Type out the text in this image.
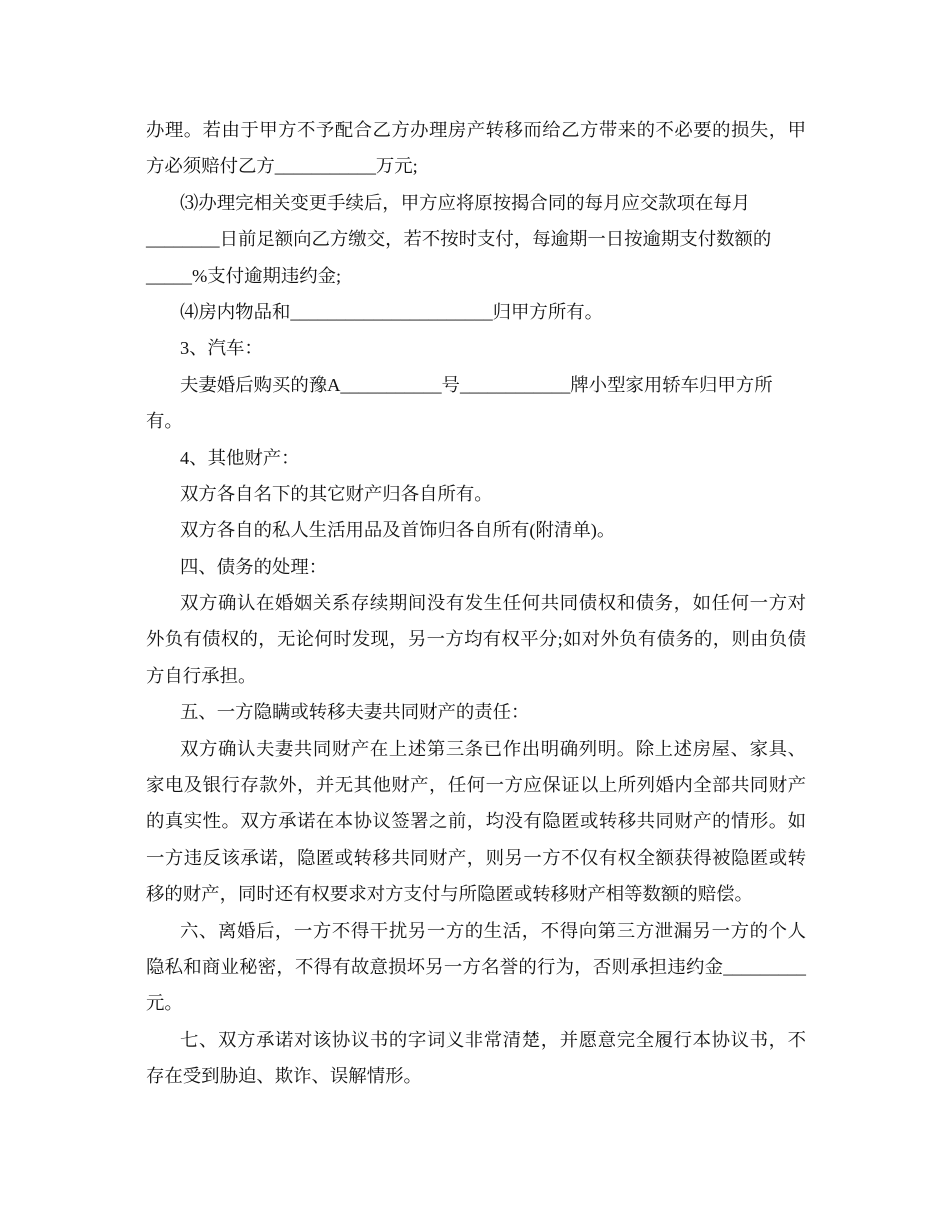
办理。若由于甲方不予配合乙方办理房产转移而给乙方带来的不必要的损失，甲
方必须赔付乙方___________万元;
⑶办理完相关变更手续后，甲方应将原按揭合同的每月应交款项在每月
________日前足额向乙方缴交，若不按时支付，每逾期一日按逾期支付数额的
_____%支付逾期违约金;
⑷房内物品和______________________归甲方所有。
3、汽车：
夫妻婚后购买的豫A___________号____________牌小型家用轿车归甲方所
有。
4、其他财产：
双方各自名下的其它财产归各自所有。
双方各自的私人生活用品及首饰归各自所有(附清单)。
四、债务的处理：
双方确认在婚姻关系存续期间没有发生任何共同债权和债务，如任何一方对
外负有债权的，无论何时发现，另一方均有权平分;如对外负有债务的，则由负债
方自行承担。
五、一方隐瞒或转移夫妻共同财产的责任：
双方确认夫妻共同财产在上述第三条已作出明确列明。除上述房屋、家具、
家电及银行存款外，并无其他财产，任何一方应保证以上所列婚内全部共同财产
的真实性。双方承诺在本协议签署之前，均没有隐匿或转移共同财产的情形。如
一方违反该承诺，隐匿或转移共同财产，则另一方不仅有权全额获得被隐匿或转
移的财产，同时还有权要求对方支付与所隐匿或转移财产相等数额的赔偿。
六、离婚后，一方不得干扰另一方的生活，不得向第三方泄漏另一方的个人
隐私和商业秘密，不得有故意损坏另一方名誉的行为，否则承担违约金_________
元。
七、双方承诺对该协议书的字词义非常清楚，并愿意完全履行本协议书，不
存在受到胁迫、欺诈、误解情形。
